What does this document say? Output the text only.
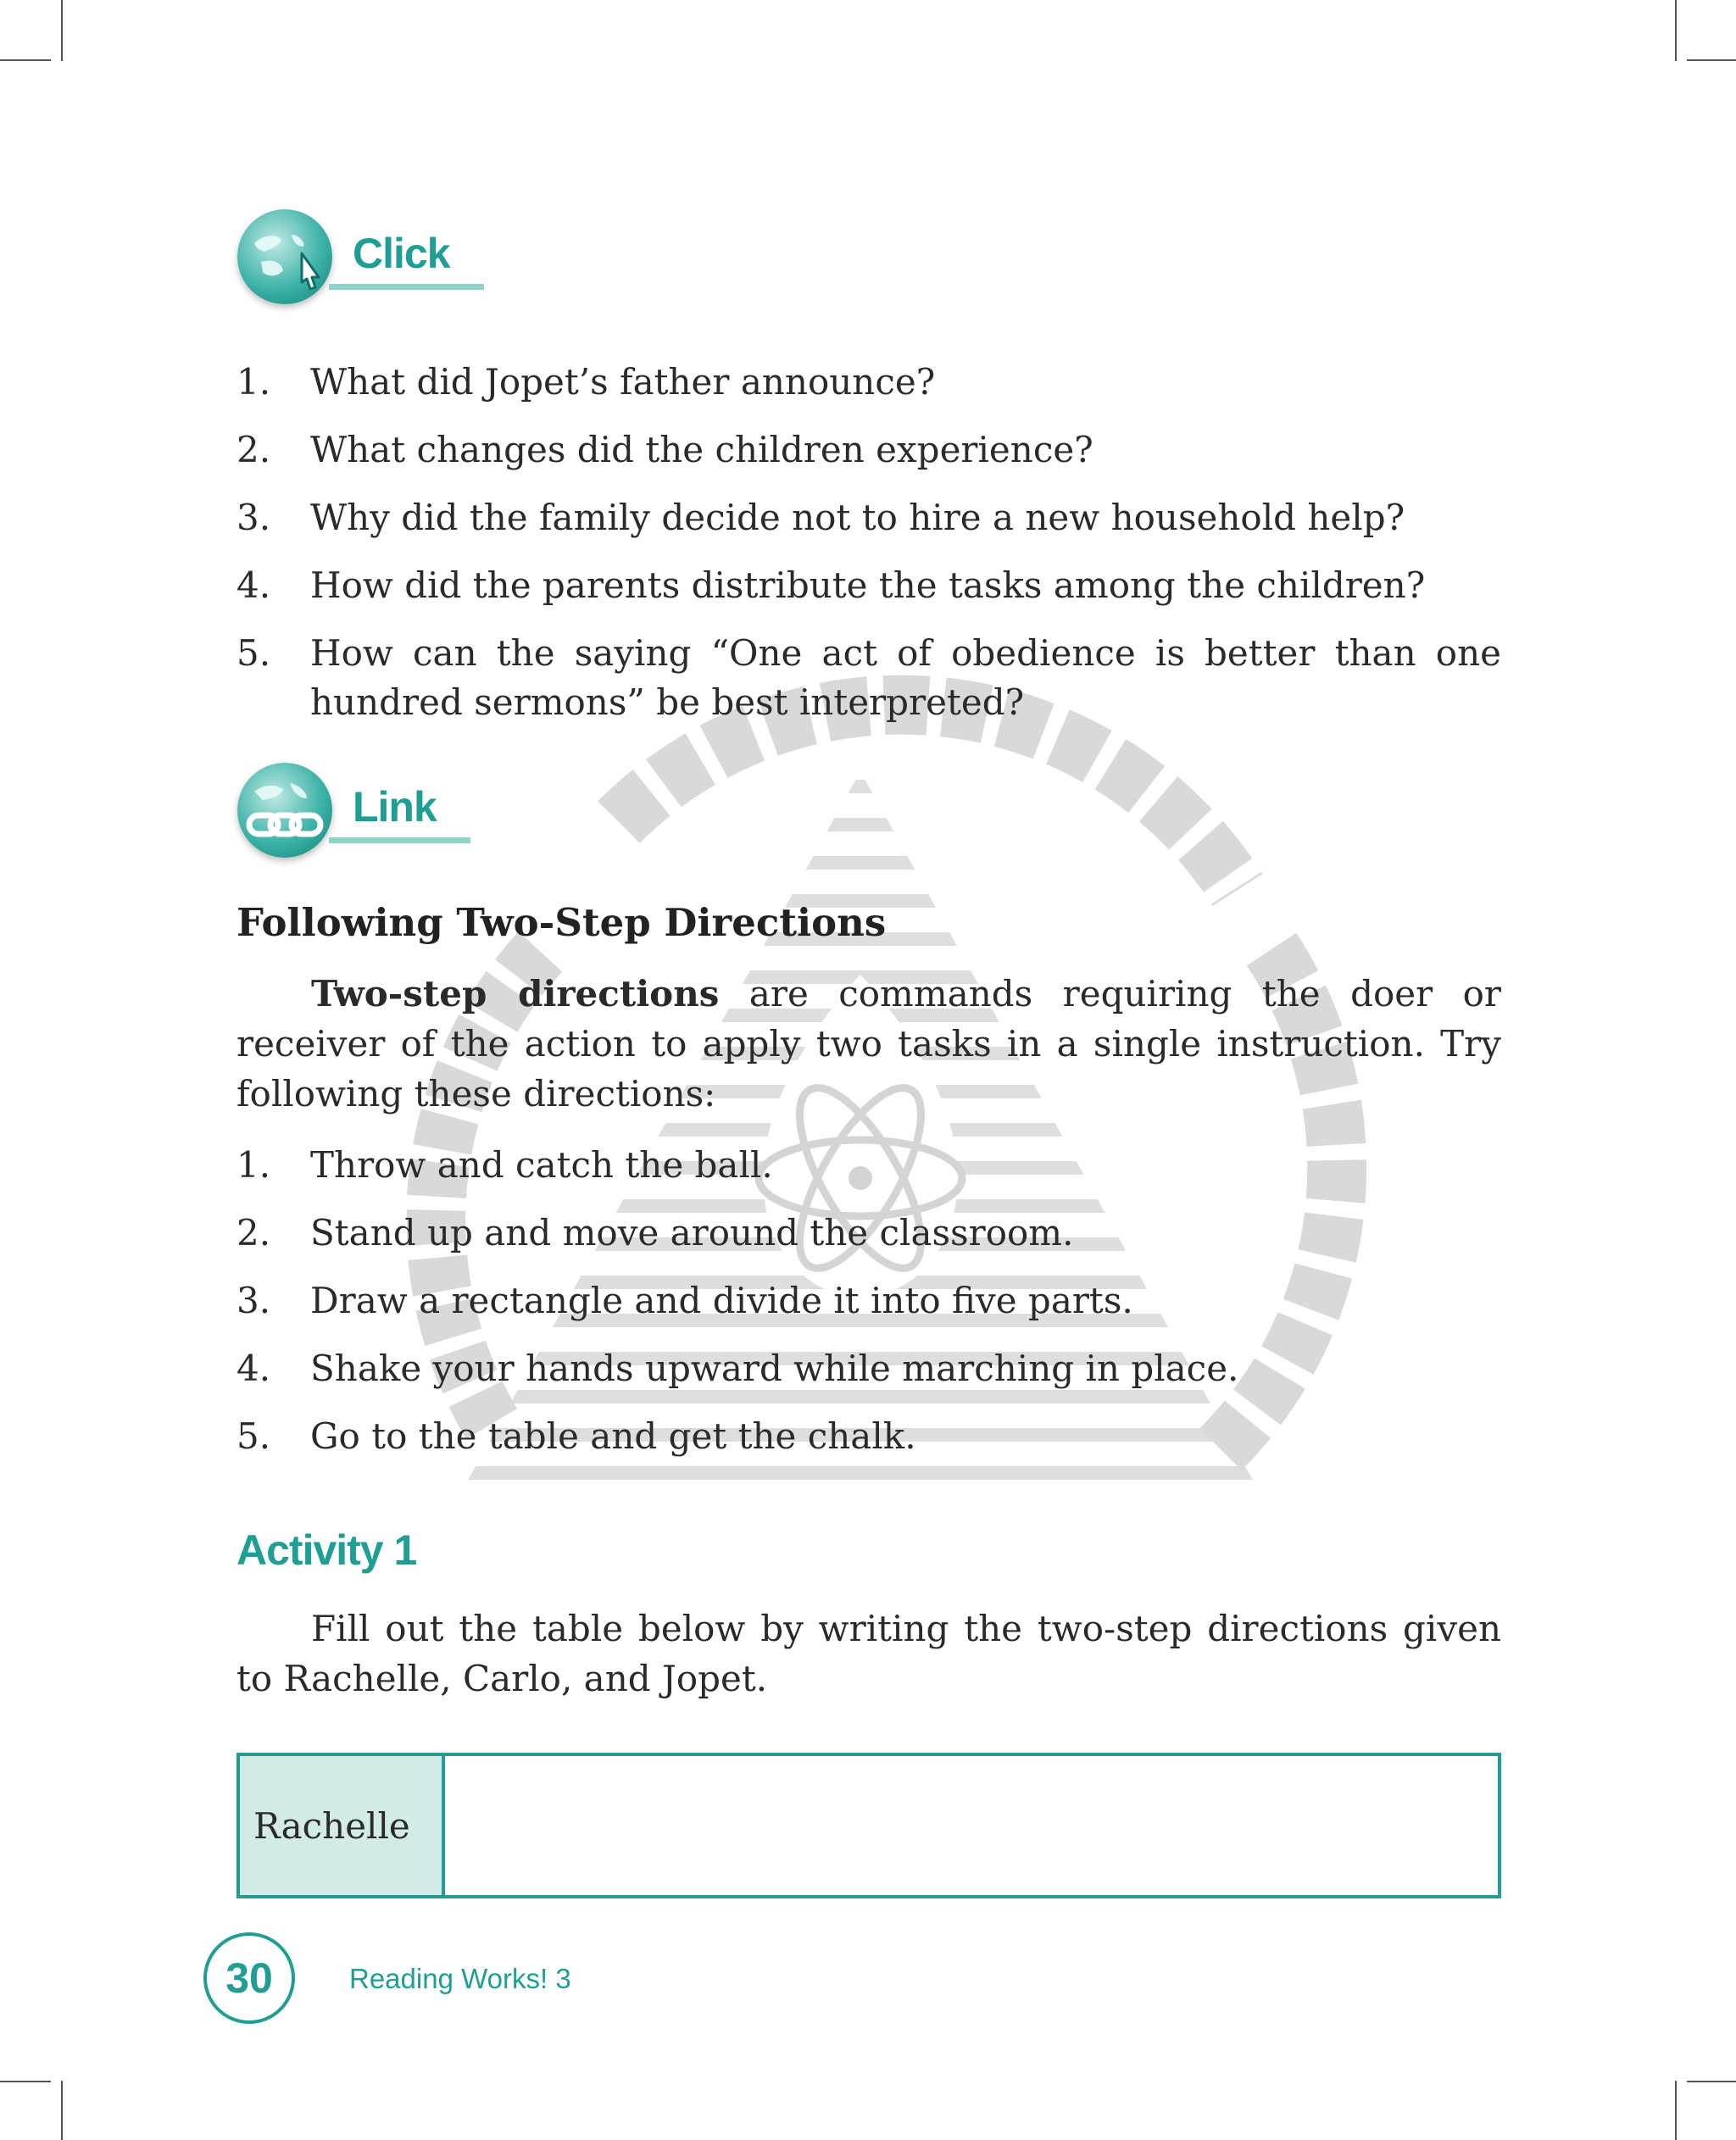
Click
1.	What did Jopet’s father announce?
2.	What changes did the children experience?
3.	Why did the family decide not to hire a new household help?
4.	How did the parents distribute the tasks among the children?
5.	How can the saying “One act of obedience is better than one hundred sermons” be best interpreted?
Link
Following Two-Step Directions

Two-step directions are commands requiring the doer or receiver of the action to apply two tasks in a single instruction. Try following these directions:

1.	Throw and catch the ball.
2.	Stand up and move around the classroom.
3.	Draw a rectangle and divide it into five parts.
4.	Shake your hands upward while marching in place.
5.	Go to the table and get the chalk.
Activity 1

Fill out the table below by writing the two-step directions given to Rachelle, Carlo, and Jopet.

Rachelle
30	Reading Works! 3
